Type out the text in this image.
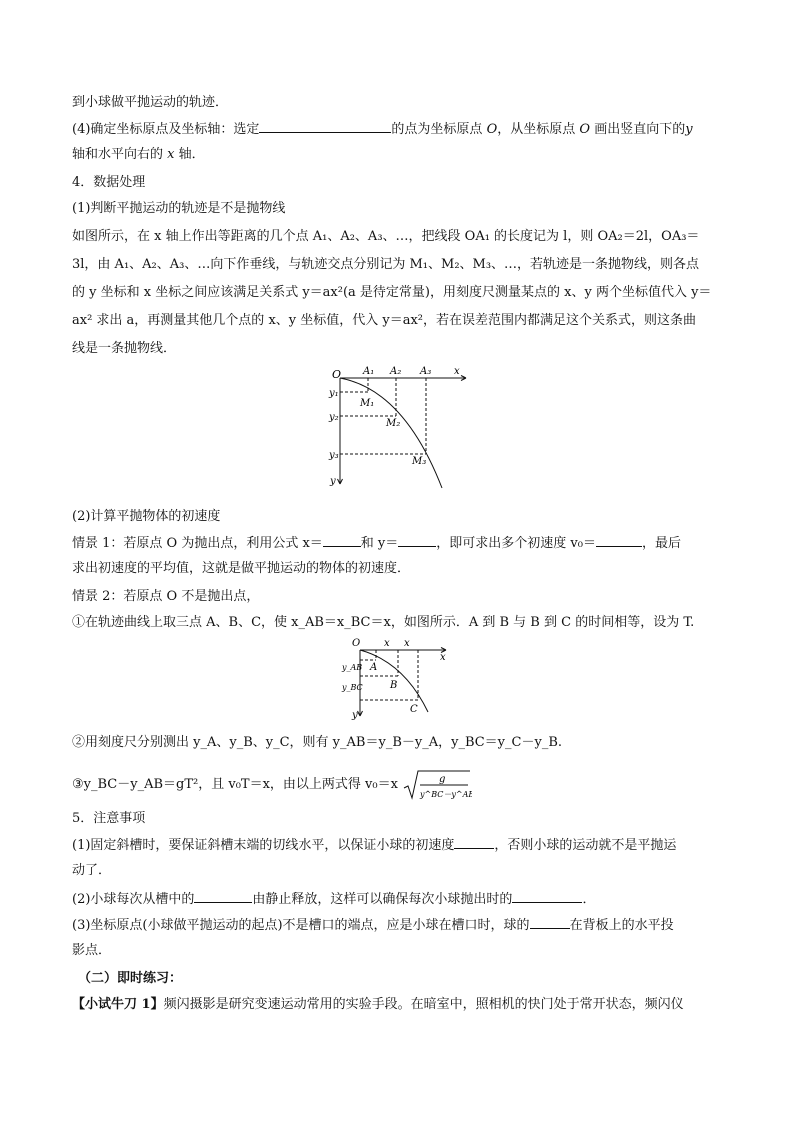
到小球做平抛运动的轨迹．
(4)确定坐标原点及坐标轴：选定	的点为坐标原点 O，从坐标原点 O 画出竖直向下的y
轴和水平向右的 x 轴．
4．数据处理
(1)判断平抛运动的轨迹是不是抛物线
如图所示，在 x 轴上作出等距离的几个点 A₁、A₂、A₃、…，把线段 OA₁ 的长度记为 l，则 OA₂＝2l，OA₃＝
3l，由 A₁、A₂、A₃、…向下作垂线，与轨迹交点分别记为 M₁、M₂、M₃、…，若轨迹是一条抛物线，则各点
的 y 坐标和 x 坐标之间应该满足关系式 y＝ax²(a 是待定常量)，用刻度尺测量某点的 x、y 两个坐标值代入 y＝
ax² 求出 a，再测量其他几个点的 x、y 坐标值，代入 y＝ax²，若在误差范围内都满足这个关系式，则这条曲
线是一条抛物线．
O A₁ A₂ A₃ x
y₁
y₂
y₃
y
M₁
M₂
M₃
(2)计算平抛物体的初速度
情景 1：若原点 O 为抛出点，利用公式 x＝	和 y＝	，即可求出多个初速度 v₀＝	，最后
求出初速度的平均值，这就是做平抛运动的物体的初速度．
情景 2：若原点 O 不是抛出点，
①在轨迹曲线上取三点 A、B、C，使 x_AB＝x_BC＝x，如图所示．A 到 B 与 B 到 C 的时间相等，设为 T.
O x x
x
y_AB
y_BC
y
A
B
C
②用刻度尺分别测出 y_A、y_B、y_C，则有 y_AB＝y_B－y_A，y_BC＝y_C－y_B.
③y_BC－y_AB＝gT²，且 v₀T＝x，由以上两式得 v₀＝x	g
y^BC－y^AB
5．注意事项
(1)固定斜槽时，要保证斜槽末端的切线水平，以保证小球的初速度	，否则小球的运动就不是平抛运
动了．
(2)小球每次从槽中的	由静止释放，这样可以确保每次小球抛出时的	．
(3)坐标原点(小球做平抛运动的起点)不是槽口的端点，应是小球在槽口时，球的	在背板上的水平投
影点．
（二）即时练习：
【小试牛刀 1】频闪摄影是研究变速运动常用的实验手段。在暗室中，照相机的快门处于常开状态，频闪仪
